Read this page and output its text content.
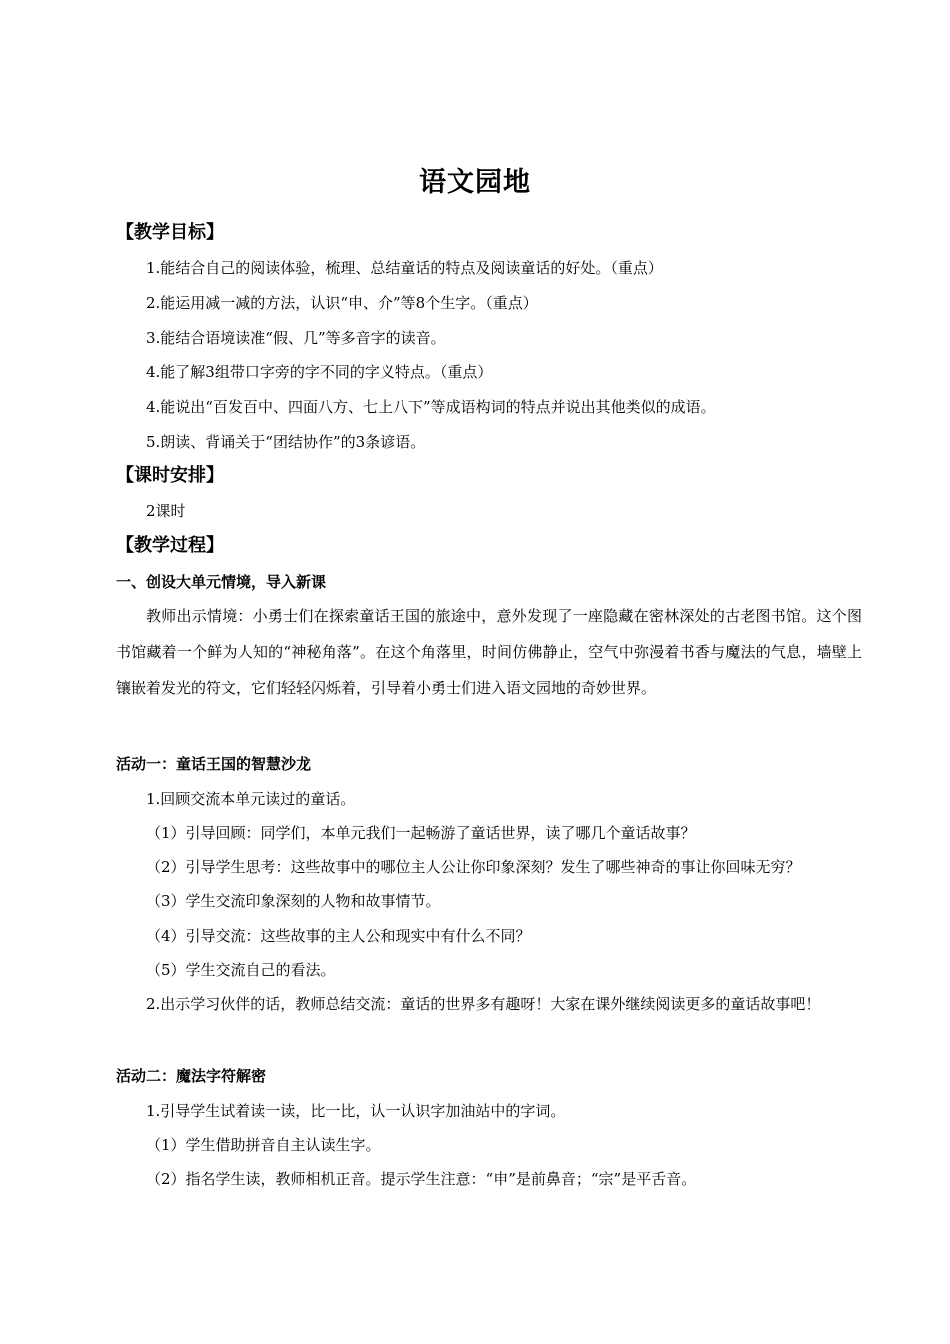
语文园地
【教学目标】
1.能结合自己的阅读体验，梳理、总结童话的特点及阅读童话的好处。（重点）
2.能运用减一减的方法，认识“申、介”等8个生字。（重点）
3.能结合语境读准“假、几”等多音字的读音。
4.能了解3组带口字旁的字不同的字义特点。（重点）
4.能说出“百发百中、四面八方、七上八下”等成语构词的特点并说出其他类似的成语。
5.朗读、背诵关于“团结协作”的3条谚语。
【课时安排】
2课时
【教学过程】
一、创设大单元情境，导入新课
教师出示情境：小勇士们在探索童话王国的旅途中，意外发现了一座隐藏在密林深处的古老图书馆。这个图书馆藏着一个鲜为人知的“神秘角落”。在这个角落里，时间仿佛静止，空气中弥漫着书香与魔法的气息，墙壁上镶嵌着发光的符文，它们轻轻闪烁着，引导着小勇士们进入语文园地的奇妙世界。
活动一：童话王国的智慧沙龙
1.回顾交流本单元读过的童话。
（1）引导回顾：同学们，本单元我们一起畅游了童话世界，读了哪几个童话故事？
（2）引导学生思考：这些故事中的哪位主人公让你印象深刻？发生了哪些神奇的事让你回味无穷？
（3）学生交流印象深刻的人物和故事情节。
（4）引导交流：这些故事的主人公和现实中有什么不同？
（5）学生交流自己的看法。
2.出示学习伙伴的话，教师总结交流：童话的世界多有趣呀！大家在课外继续阅读更多的童话故事吧！
活动二：魔法字符解密
1.引导学生试着读一读，比一比，认一认识字加油站中的字词。
（1）学生借助拼音自主认读生字。
（2）指名学生读，教师相机正音。提示学生注意：“申”是前鼻音；“宗”是平舌音。
